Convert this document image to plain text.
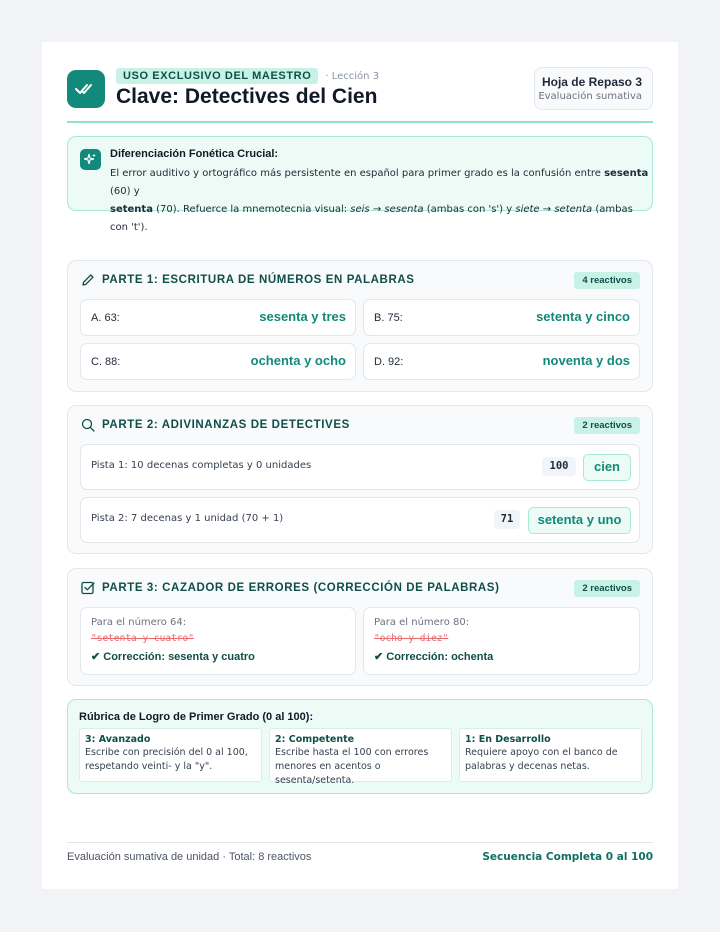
USO EXCLUSIVO DEL MAESTRO	· Lección 3
Clave: Detectives del Cien
Hoja de Repaso 3
Evaluación sumativa
Diferenciación Fonética Crucial:
El error auditivo y ortográfico más persistente en español para primer grado es la confusión entre sesenta (60) y
setenta (70). Refuerce la mnemotecnia visual: seis → sesenta (ambas con 's') y siete → setenta (ambas con 't').
PARTE 1: ESCRITURA DE NÚMEROS EN PALABRAS	4 reactivos
A. 63:	sesenta y tres	B. 75:	setenta y cinco
C. 88:	ochenta y ocho	D. 92:	noventa y dos
PARTE 2: ADIVINANZAS DE DETECTIVES	2 reactivos
Pista 1: 10 decenas completas y 0 unidades	100	cien
Pista 2: 7 decenas y 1 unidad (70 + 1)	71	setenta y uno
PARTE 3: CAZADOR DE ERRORES (CORRECCIÓN DE PALABRAS)	2 reactivos
Para el número 64:
"setenta y cuatro"
✔ Corrección: sesenta y cuatro
Para el número 80:
"ocho y diez"
✔ Corrección: ochenta
Rúbrica de Logro de Primer Grado (0 al 100):
3: Avanzado
Escribe con precisión del 0 al 100, respetando veinti- y la "y".
2: Competente
Escribe hasta el 100 con errores menores en acentos o sesenta/setenta.
1: En Desarrollo
Requiere apoyo con el banco de palabras y decenas netas.
Evaluación sumativa de unidad · Total: 8 reactivos	Secuencia Completa 0 al 100
